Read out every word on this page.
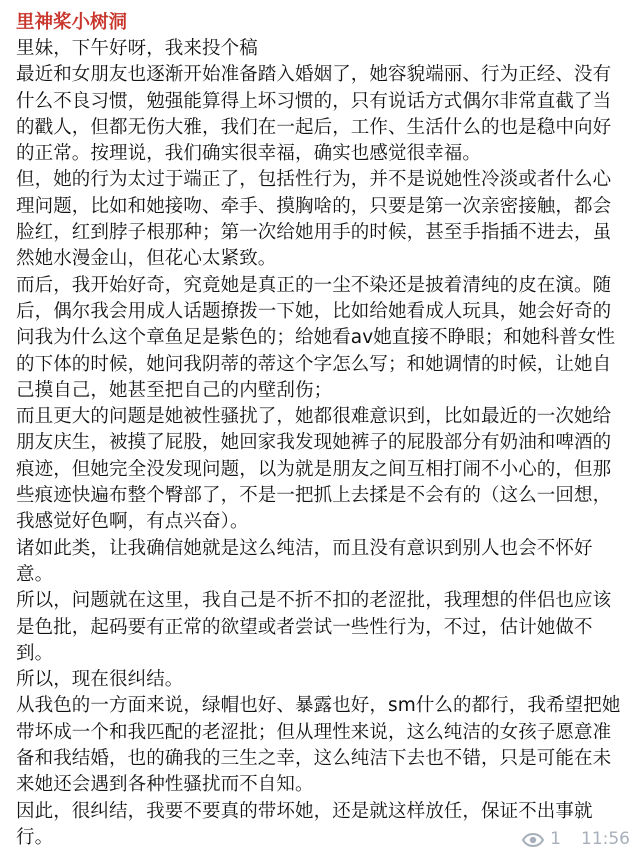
里神桨小树洞

里妹，下午好呀，我来投个稿

最近和女朋友也逐渐开始准备踏入婚姻了，她容貌端丽、行为正经、没有什么不良习惯，勉强能算得上坏习惯的，只有说话方式偶尔非常直截了当的戳人，但都无伤大雅，我们在一起后，工作、生活什么的也是稳中向好的正常。按理说，我们确实很幸福，确实也感觉很幸福。

但，她的行为太过于端正了，包括性行为，并不是说她性冷淡或者什么心理问题，比如和她接吻、牵手、摸胸啥的，只要是第一次亲密接触，都会脸红，红到脖子根那种；第一次给她用手的时候，甚至手指插不进去，虽然她水漫金山，但花心太紧致。

而后，我开始好奇，究竟她是真正的一尘不染还是披着清纯的皮在演。随后，偶尔我会用成人话题撩拨一下她，比如给她看成人玩具，她会好奇的问我为什么这个章鱼足是紫色的；给她看av她直接不睁眼；和她科普女性的下体的时候，她问我阴蒂的蒂这个字怎么写；和她调情的时候，让她自己摸自己，她甚至把自己的内壁刮伤；

而且更大的问题是她被性骚扰了，她都很难意识到，比如最近的一次她给朋友庆生，被摸了屁股，她回家我发现她裤子的屁股部分有奶油和啤酒的痕迹，但她完全没发现问题，以为就是朋友之间互相打闹不小心的，但那些痕迹快遍布整个臀部了，不是一把抓上去揉是不会有的（这么一回想，我感觉好色啊，有点兴奋）。

诸如此类，让我确信她就是这么纯洁，而且没有意识到别人也会不怀好意。

所以，问题就在这里，我自己是不折不扣的老涩批，我理想的伴侣也应该是色批，起码要有正常的欲望或者尝试一些性行为，不过，估计她做不到。

所以，现在很纠结。

从我色的一方面来说，绿帽也好、暴露也好，sm什么的都行，我希望把她带坏成一个和我匹配的老涩批；但从理性来说，这么纯洁的女孩子愿意准备和我结婚，也的确我的三生之幸，这么纯洁下去也不错，只是可能在未来她还会遇到各种性骚扰而不自知。

因此，很纠结，我要不要真的带坏她，还是就这样放任，保证不出事就行。	1 11:56
